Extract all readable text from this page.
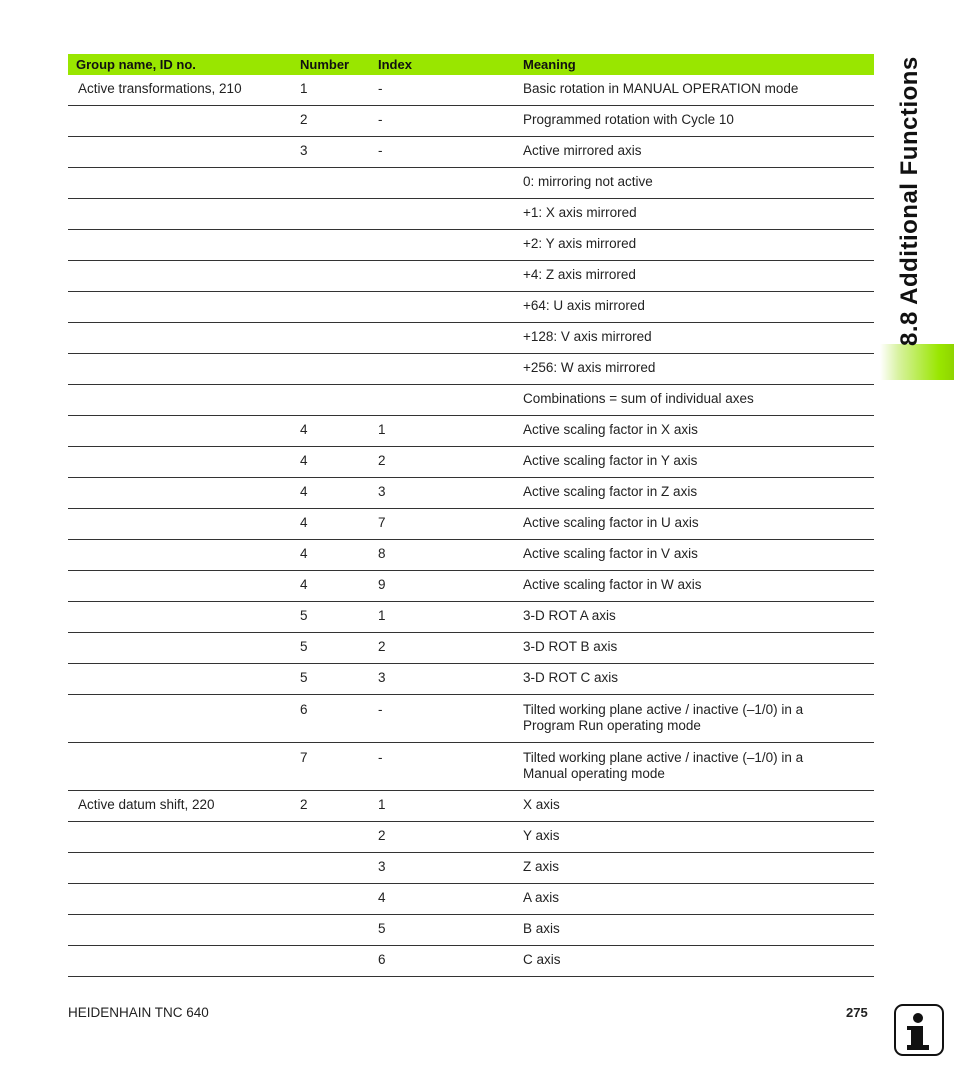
Group name, ID no.	Number	Index	Meaning
Active transformations, 210	1	-	Basic rotation in MANUAL OPERATION mode
	2	-	Programmed rotation with Cycle 10
	3	-	Active mirrored axis
			0: mirroring not active
			+1: X axis mirrored
			+2: Y axis mirrored
			+4: Z axis mirrored
			+64: U axis mirrored
			+128: V axis mirrored
			+256: W axis mirrored
			Combinations = sum of individual axes
	4	1	Active scaling factor in X axis
	4	2	Active scaling factor in Y axis
	4	3	Active scaling factor in Z axis
	4	7	Active scaling factor in U axis
	4	8	Active scaling factor in V axis
	4	9	Active scaling factor in W axis
	5	1	3-D ROT A axis
	5	2	3-D ROT B axis
	5	3	3-D ROT C axis
	6	-	Tilted working plane active / inactive (–1/0) in a Program Run operating mode
	7	-	Tilted working plane active / inactive (–1/0) in a Manual operating mode
Active datum shift, 220	2	1	X axis
		2	Y axis
		3	Z axis
		4	A axis
		5	B axis
		6	C axis
8.8 Additional Functions
HEIDENHAIN TNC 640	275
